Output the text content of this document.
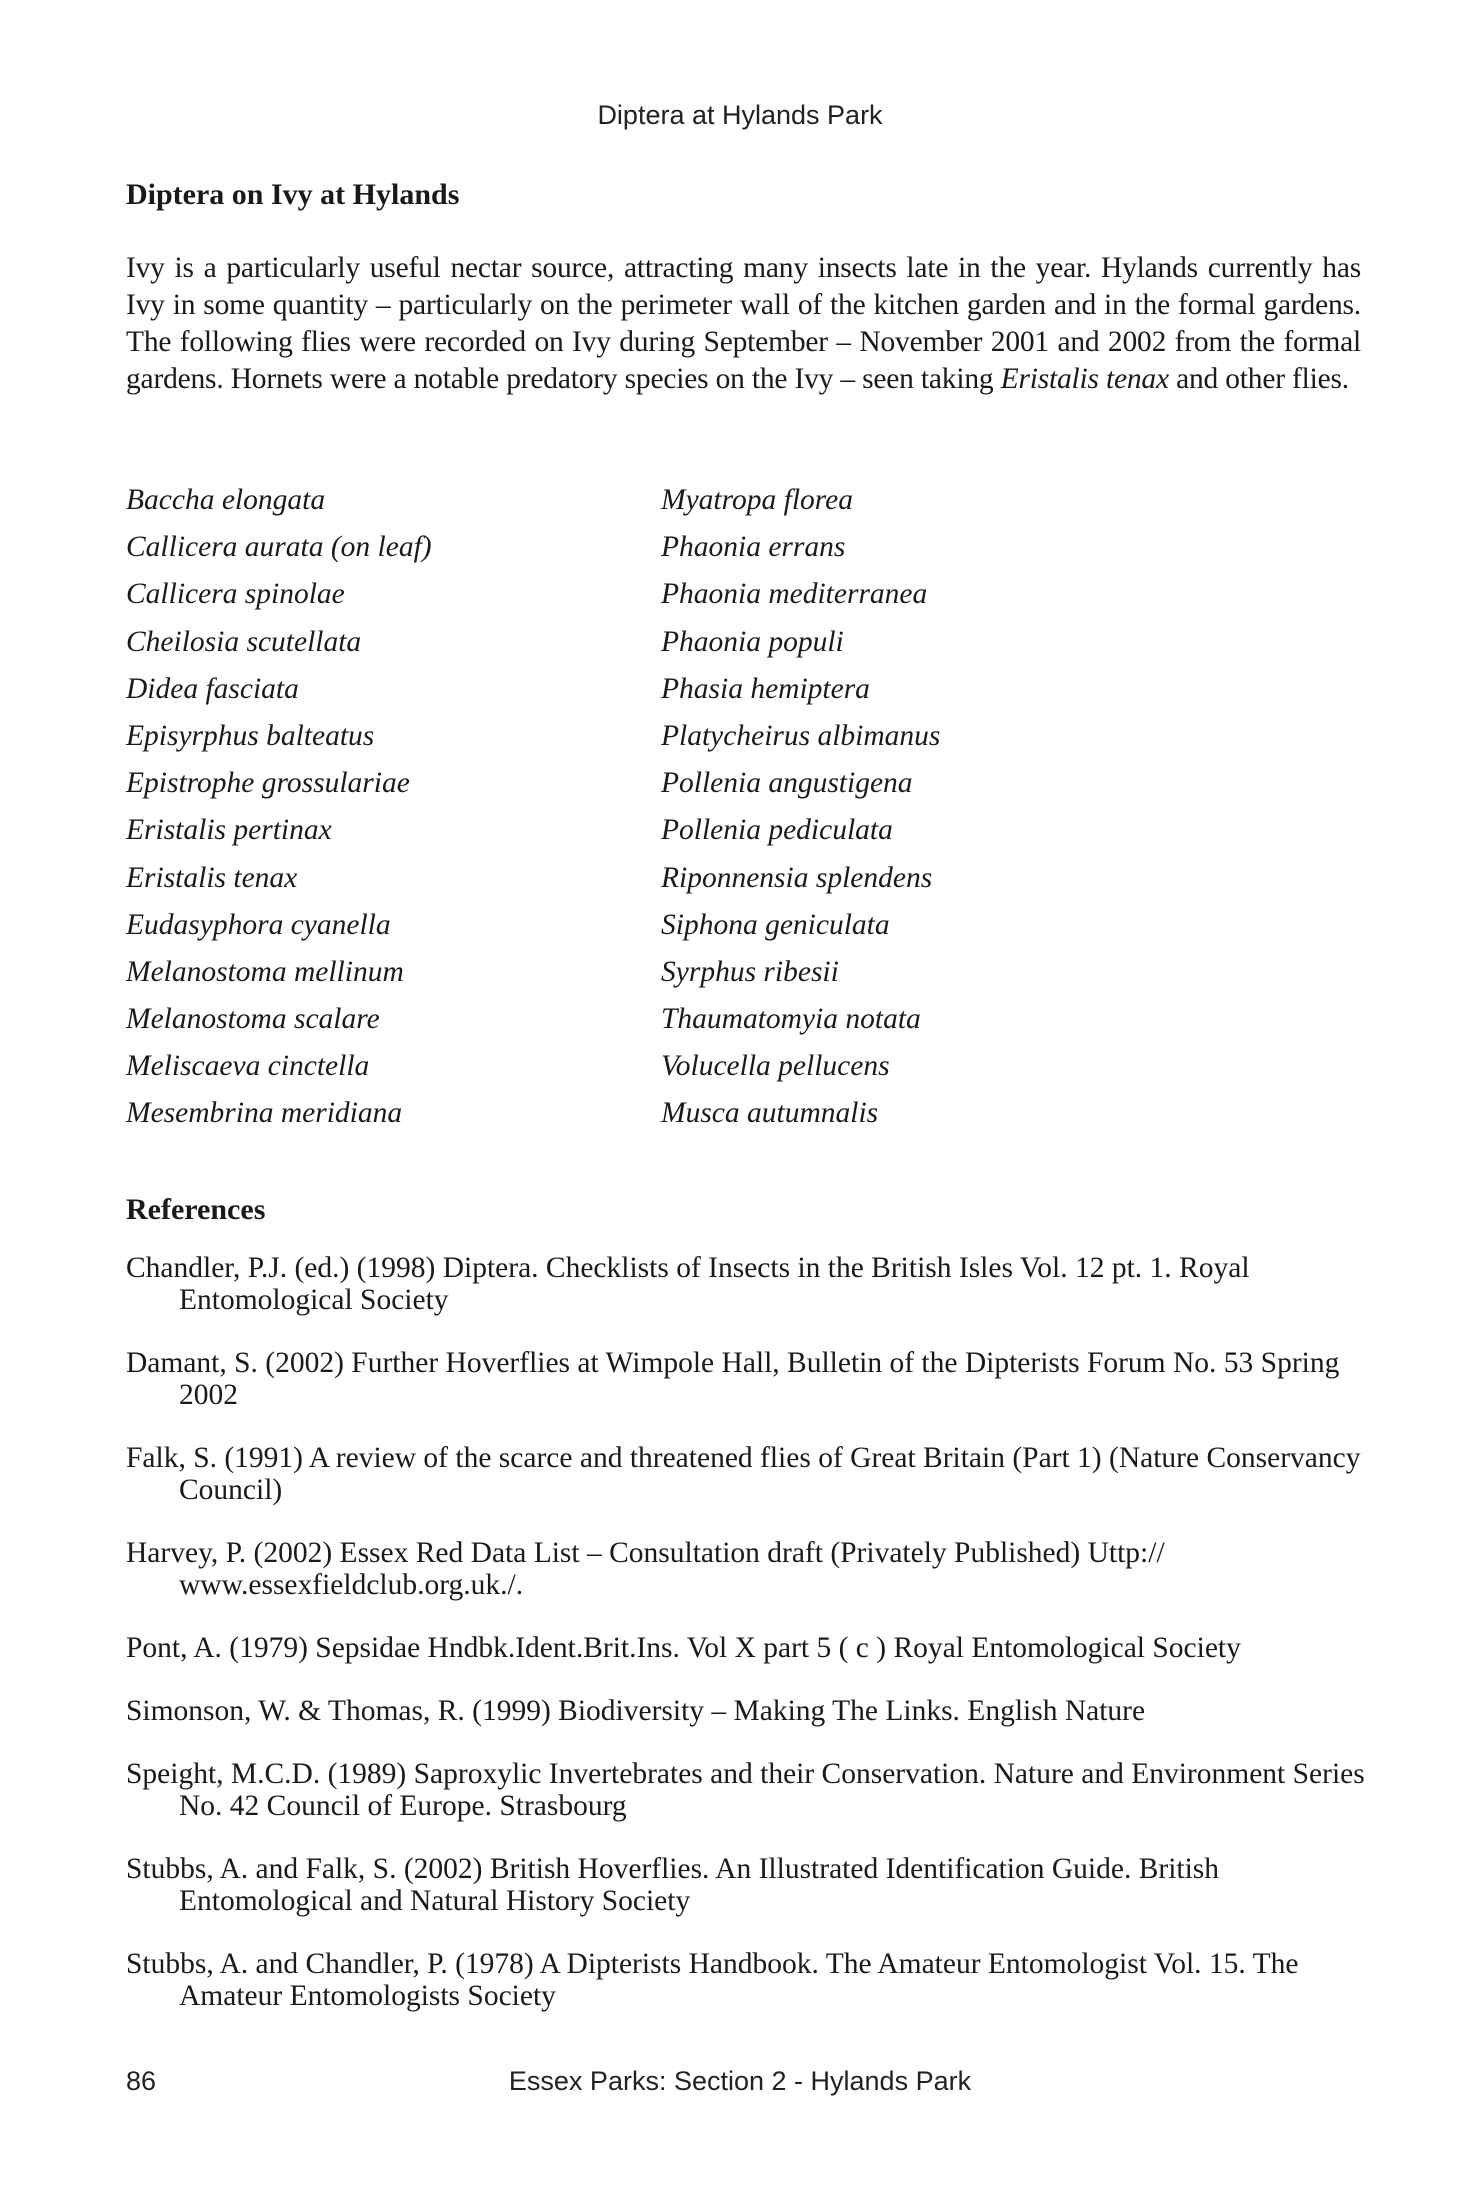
Diptera at Hylands Park
Diptera on Ivy at Hylands

Ivy is a particularly useful nectar source, attracting many insects late in the year. Hylands currently has Ivy in some quantity – particularly on the perimeter wall of the kitchen garden and in the formal gardens. The following flies were recorded on Ivy during September – November 2001 and 2002 from the formal gardens. Hornets were a notable predatory species on the Ivy – seen taking Eristalis tenax and other flies.

Baccha elongata
Callicera aurata (on leaf)
Callicera spinolae
Cheilosia scutellata
Didea fasciata
Episyrphus balteatus
Epistrophe grossulariae
Eristalis pertinax
Eristalis tenax
Eudasyphora cyanella
Melanostoma mellinum
Melanostoma scalare
Meliscaeva cinctella
Mesembrina meridiana
Myatropa florea
Phaonia errans
Phaonia mediterranea
Phaonia populi
Phasia hemiptera
Platycheirus albimanus
Pollenia angustigena
Pollenia pediculata
Riponnensia splendens
Siphona geniculata
Syrphus ribesii
Thaumatomyia notata
Volucella pellucens
Musca autumnalis
References
Chandler, P.J. (ed.) (1998) Diptera. Checklists of Insects in the British Isles Vol. 12 pt. 1. Royal Entomological Society
Damant, S. (2002) Further Hoverflies at Wimpole Hall, Bulletin of the Dipterists Forum No. 53 Spring 2002
Falk, S. (1991) A review of the scarce and threatened flies of Great Britain (Part 1) (Nature Conservancy Council)
Harvey, P. (2002) Essex Red Data List – Consultation draft (Privately Published) Uttp:// www.essexfieldclub.org.uk./.
Pont, A. (1979) Sepsidae Hndbk.Ident.Brit.Ins. Vol X part 5 ( c ) Royal Entomological Society
Simonson, W. & Thomas, R. (1999) Biodiversity – Making The Links. English Nature
Speight, M.C.D. (1989) Saproxylic Invertebrates and their Conservation. Nature and Environment Series No. 42 Council of Europe. Strasbourg
Stubbs, A. and Falk, S. (2002) British Hoverflies. An Illustrated Identification Guide. British Entomological and Natural History Society
Stubbs, A. and Chandler, P. (1978) A Dipterists Handbook. The Amateur Entomologist Vol. 15. The Amateur Entomologists Society
86	Essex Parks: Section 2 - Hylands Park
